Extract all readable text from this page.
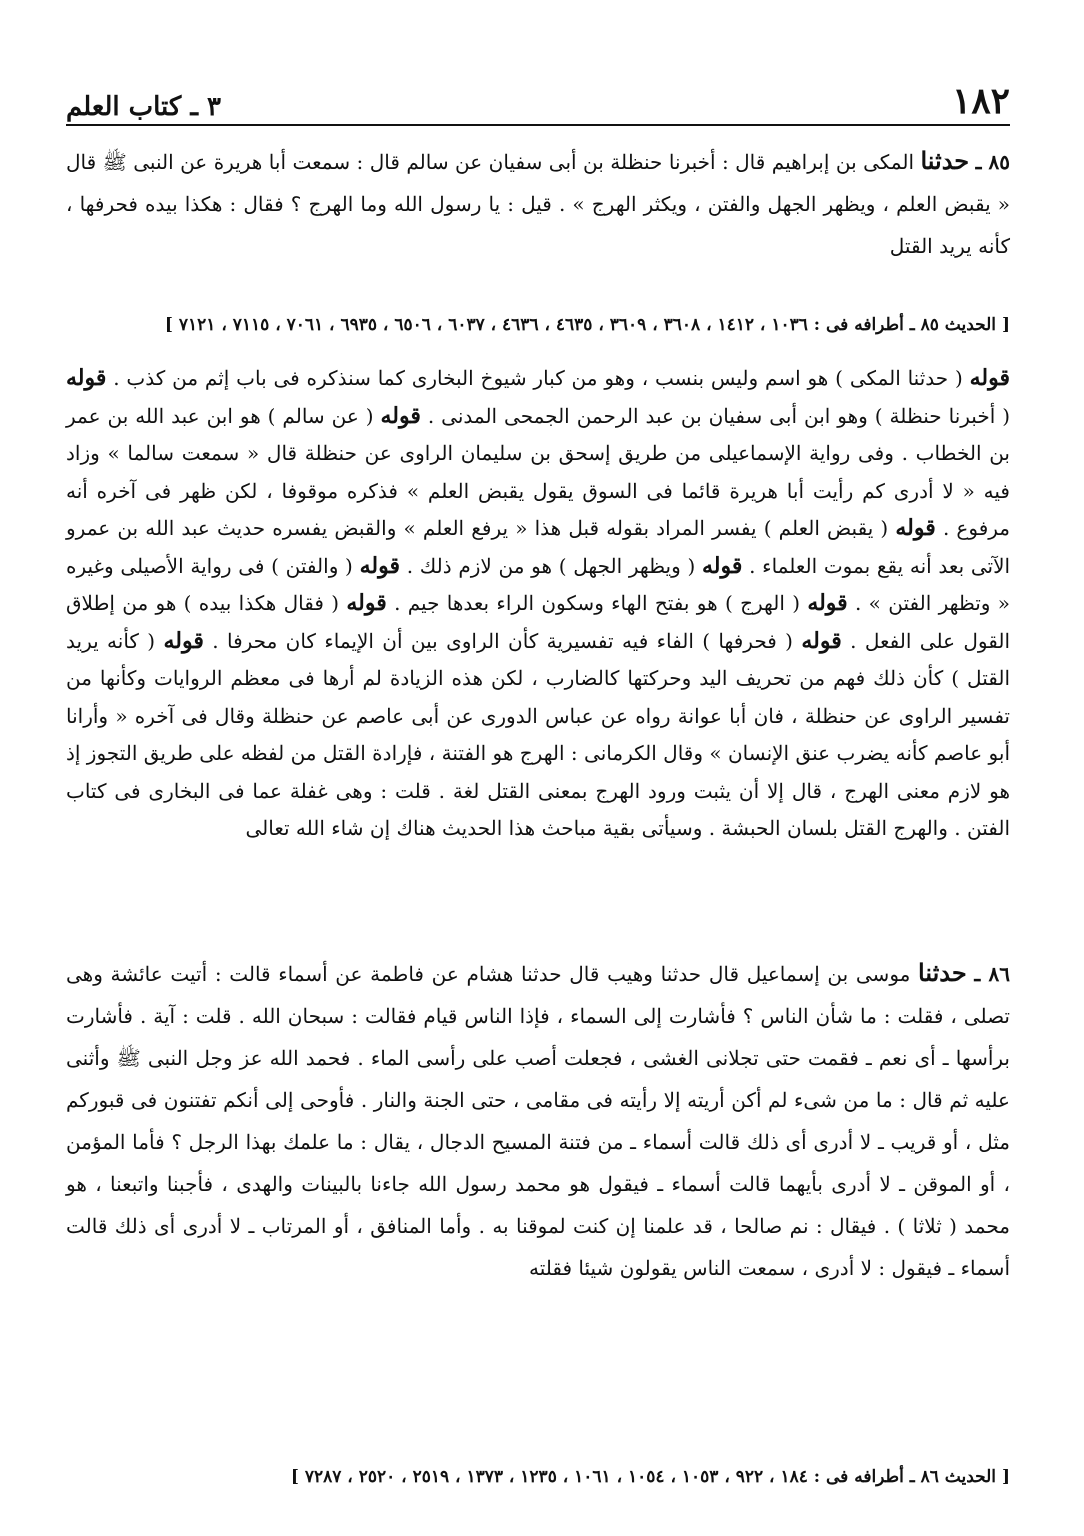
١٨٢
٣ ـ كتاب العلم
٨٥ ـ حدثنا المكى بن إبراهيم قال : أخبرنا حنظلة بن أبى سفيان عن سالم قال : سمعت أبا هريرة عن النبى ﷺ قال « يقبض العلم ، ويظهر الجهل والفتن ، ويكثر الهرج » . قيل : يا رسول الله وما الهرج ؟ فقال : هكذا بيده فحرفها ، كأنه يريد القتل
[ الحديث ٨٥ ـ أطرافه فى : ١٠٣٦ ، ١٤١٢ ، ٣٦٠٨ ، ٣٦٠٩ ، ٤٦٣٥ ، ٤٦٣٦ ، ٦٠٣٧ ، ٦٥٠٦ ، ٦٩٣٥ ، ٧٠٦١ ، ٧١١٥ ، ٧١٢١ ]
قوله ( حدثنا المكى ) هو اسم وليس بنسب ، وهو من كبار شيوخ البخارى كما سنذكره فى باب إثم من كذب . قوله ( أخبرنا حنظلة ) وهو ابن أبى سفيان بن عبد الرحمن الجمحى المدنى . قوله ( عن سالم ) هو ابن عبد الله بن عمر بن الخطاب . وفى رواية الإسماعيلى من طريق إسحق بن سليمان الراوى عن حنظلة قال « سمعت سالما » وزاد فيه « لا أدرى كم رأيت أبا هريرة قائما فى السوق يقول يقبض العلم » فذكره موقوفا ، لكن ظهر فى آخره أنه مرفوع . قوله ( يقبض العلم ) يفسر المراد بقوله قبل هذا « يرفع العلم » والقبض يفسره حديث عبد الله بن عمرو الآتى بعد أنه يقع بموت العلماء . قوله ( ويظهر الجهل ) هو من لازم ذلك . قوله ( والفتن ) فى رواية الأصيلى وغيره « وتظهر الفتن » . قوله ( الهرج ) هو بفتح الهاء وسكون الراء بعدها جيم . قوله ( فقال هكذا بيده ) هو من إطلاق القول على الفعل . قوله ( فحرفها ) الفاء فيه تفسيرية كأن الراوى بين أن الإيماء كان محرفا . قوله ( كأنه يريد القتل ) كأن ذلك فهم من تحريف اليد وحركتها كالضارب ، لكن هذه الزيادة لم أرها فى معظم الروايات وكأنها من تفسير الراوى عن حنظلة ، فان أبا عوانة رواه عن عباس الدورى عن أبى عاصم عن حنظلة وقال فى آخره « وأرانا أبو عاصم كأنه يضرب عنق الإنسان » وقال الكرمانى : الهرج هو الفتنة ، فإرادة القتل من لفظه على طريق التجوز إذ هو لازم معنى الهرج ، قال إلا أن يثبت ورود الهرج بمعنى القتل لغة . قلت : وهى غفلة عما فى البخارى فى كتاب الفتن . والهرج القتل بلسان الحبشة . وسيأتى بقية مباحث هذا الحديث هناك إن شاء الله تعالى
٨٦ ـ حدثنا موسى بن إسماعيل قال حدثنا وهيب قال حدثنا هشام عن فاطمة عن أسماء قالت : أتيت عائشة وهى تصلى ، فقلت : ما شأن الناس ؟ فأشارت إلى السماء ، فإذا الناس قيام فقالت : سبحان الله . قلت : آية . فأشارت برأسها ـ أى نعم ـ فقمت حتى تجلانى الغشى ، فجعلت أصب على رأسى الماء . فحمد الله عز وجل النبى ﷺ وأثنى عليه ثم قال : ما من شىء لم أكن أريته إلا رأيته فى مقامى ، حتى الجنة والنار . فأوحى إلى أنكم تفتنون فى قبوركم مثل ، أو قريب ـ لا أدرى أى ذلك قالت أسماء ـ من فتنة المسيح الدجال ، يقال : ما علمك بهذا الرجل ؟ فأما المؤمن ، أو الموقن ـ لا أدرى بأيهما قالت أسماء ـ فيقول هو محمد رسول الله جاءنا بالبينات والهدى ، فأجبنا واتبعنا ، هو محمد ( ثلاثا ) . فيقال : نم صالحا ، قد علمنا إن كنت لموقنا به . وأما المنافق ، أو المرتاب ـ لا أدرى أى ذلك قالت أسماء ـ فيقول : لا أدرى ، سمعت الناس يقولون شيئا فقلته
[ الحديث ٨٦ ـ أطرافه فى : ١٨٤ ، ٩٢٢ ، ١٠٥٣ ، ١٠٥٤ ، ١٠٦١ ، ١٢٣٥ ، ١٣٧٣ ، ٢٥١٩ ، ٢٥٢٠ ، ٧٢٨٧ ]
